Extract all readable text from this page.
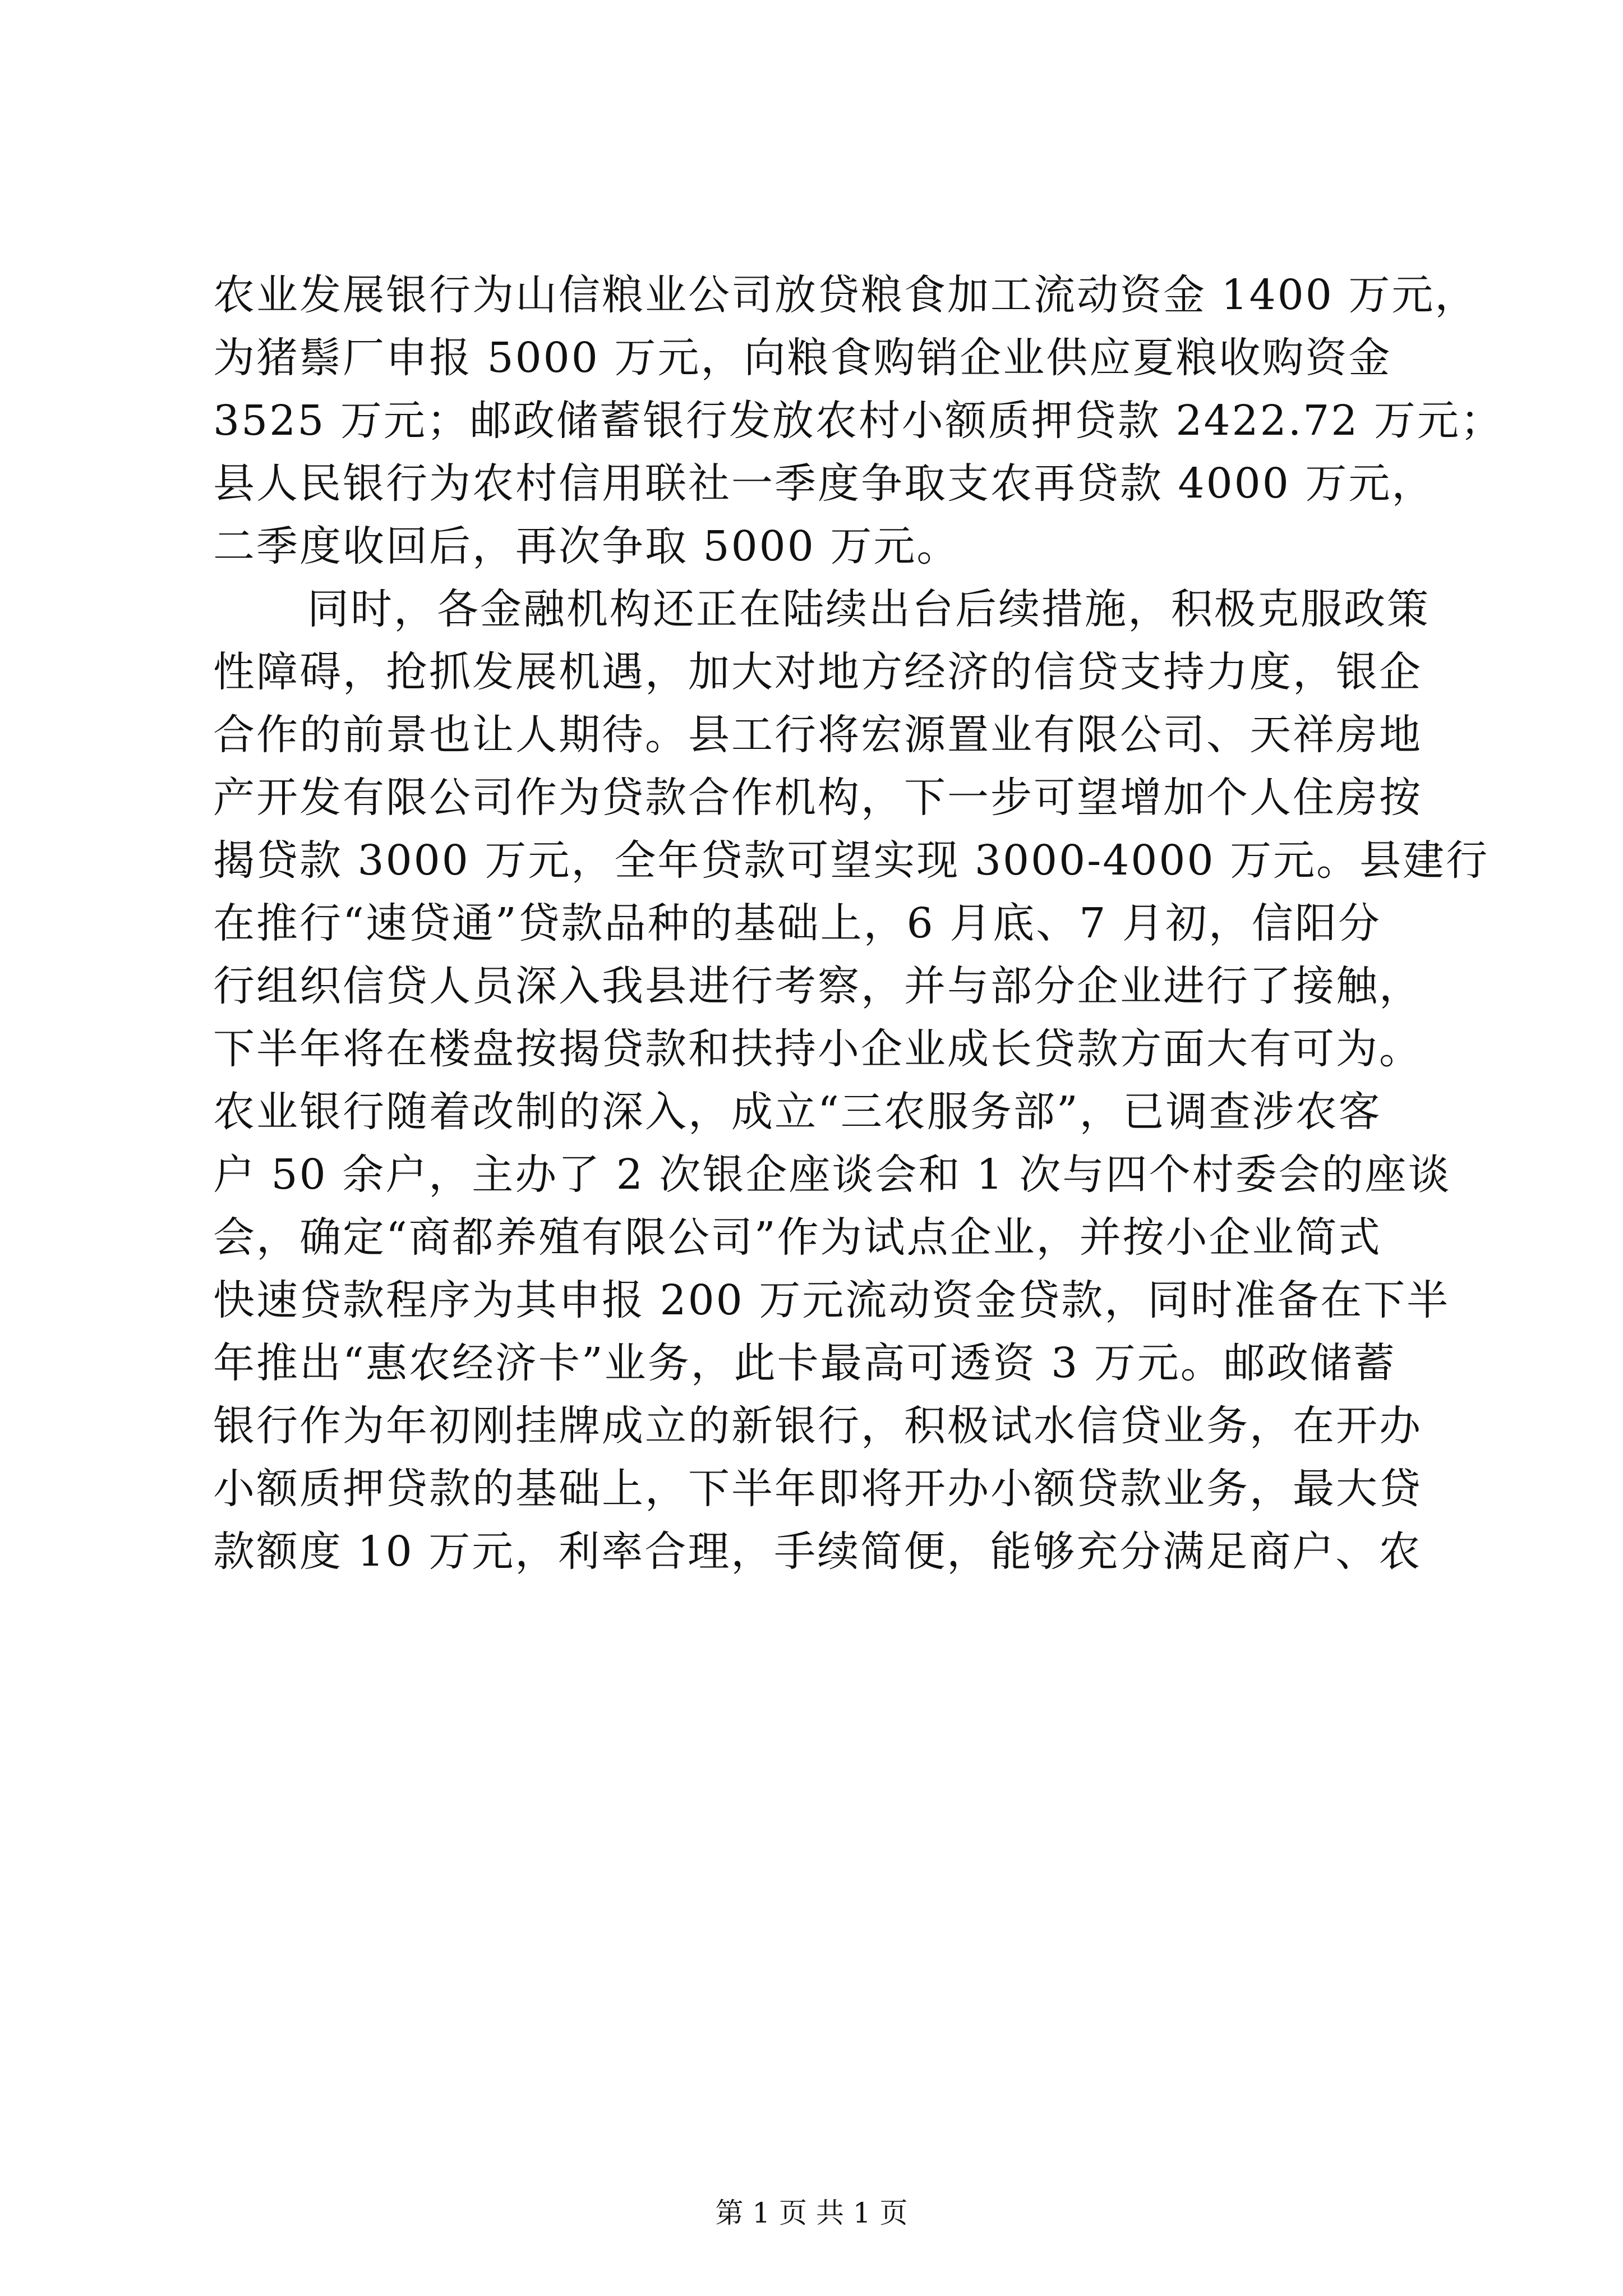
农业发展银行为山信粮业公司放贷粮食加工流动资金 1400 万元，
为猪鬃厂申报 5000 万元，向粮食购销企业供应夏粮收购资金
3525 万元；邮政储蓄银行发放农村小额质押贷款 2422.72 万元；
县人民银行为农村信用联社一季度争取支农再贷款 4000 万元，
二季度收回后，再次争取 5000 万元。
同时，各金融机构还正在陆续出台后续措施，积极克服政策
性障碍，抢抓发展机遇，加大对地方经济的信贷支持力度，银企
合作的前景也让人期待。县工行将宏源置业有限公司、天祥房地
产开发有限公司作为贷款合作机构，下一步可望增加个人住房按
揭贷款 3000 万元，全年贷款可望实现 3000-4000 万元。县建行
在推行“速贷通”贷款品种的基础上，6 月底、7 月初，信阳分
行组织信贷人员深入我县进行考察，并与部分企业进行了接触，
下半年将在楼盘按揭贷款和扶持小企业成长贷款方面大有可为。
农业银行随着改制的深入，成立“三农服务部”，已调查涉农客
户 50 余户，主办了 2 次银企座谈会和 1 次与四个村委会的座谈
会，确定“商都养殖有限公司”作为试点企业，并按小企业简式
快速贷款程序为其申报 200 万元流动资金贷款，同时准备在下半
年推出“惠农经济卡”业务，此卡最高可透资 3 万元。邮政储蓄
银行作为年初刚挂牌成立的新银行，积极试水信贷业务，在开办
小额质押贷款的基础上，下半年即将开办小额贷款业务，最大贷
款额度 10 万元，利率合理，手续简便，能够充分满足商户、农
第 1 页 共 1 页
